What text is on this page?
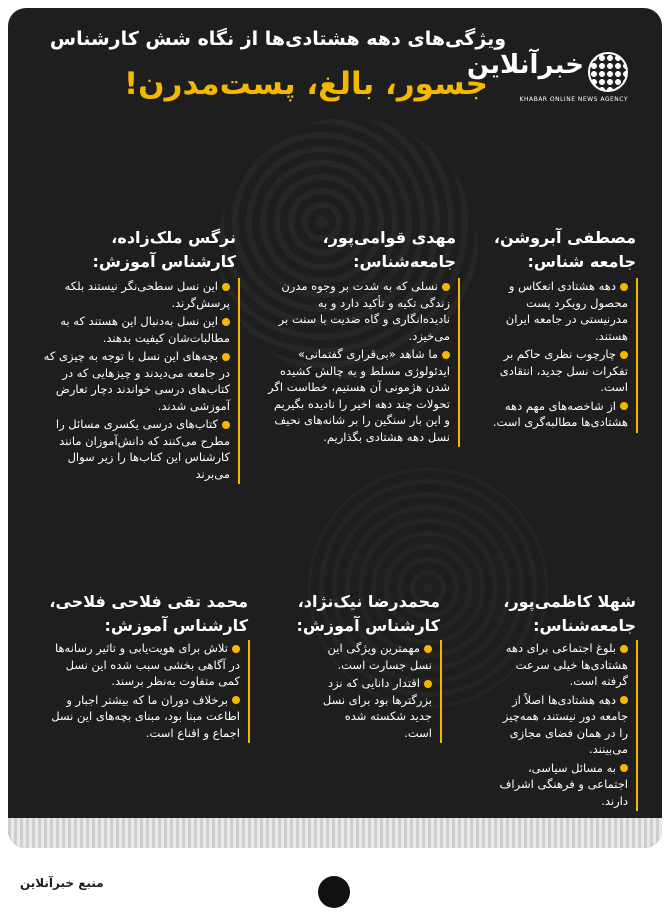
ویژگی‌های دهه هشتادی‌ها از نگاه شش کارشناس
جسور، بالغ، پست‌مدرن!
خبرآنلاین
KHABAR ONLINE NEWS AGENCY
مصطفی آبروشن،
جامعه شناس:
دهه هشتادی انعکاس و محصول رویکرد پست مدرنیستی در جامعه ایران هستند.
چارچوب نظری حاکم بر تفکرات نسل جدید، انتقادی است.
از شاخصه‌های مهم دهه هشتادی‌ها مطالبه‌گری است.
مهدی قوامی‌پور،
جامعه‌شناس:
نسلی که به شدت بر وجوه مدرن زندگی تکیه و تأکید دارد و به نادیده‌انگاری و گاه ضدیت با سنت بر می‌خیزد.
ما شاهد «بی‌قراری گفتمانی» ایدئولوژی مسلط و به چالش کشیده شدن هژمونی آن هستیم، خطاست اگر تحولات چند دهه اخیر را نادیده بگیریم و این بار سنگین را بر شانه‌های نحیف نسل دهه هشتادی بگذاریم.
نرگس ملک‌زاده،
کارشناس آموزش:
این نسل سطحی‌نگر نیستند بلکه پرسش‌گرند.
این نسل به‌دنبال این هستند که به مطالبات‌شان کیفیت بدهند.
بچه‌های این نسل با توجه به چیزی که در جامعه می‌دیدند و چیزهایی که در کتاب‌های درسی خواندند دچار تعارض آموزشی شدند.
کتاب‌های درسی یکسری مسائل را مطرح می‌کنند که دانش‌آموزان مانند کارشناس این کتاب‌ها را زیر سوال می‌برند
شهلا کاظمی‌پور،
جامعه‌شناس:
بلوغ اجتماعی برای دهه هشتادی‌ها خیلی سرعت گرفته است.
دهه هشتادی‌ها اصلاً از جامعه دور نیستند، همه‌چیز را در همان فضای مجازی می‌بینند.
به مسائل سیاسی، اجتماعی و فرهنگی اشراف دارند.
محمدرضا نیک‌نژاد،
کارشناس آموزش:
مهمترین ویژگی این نسل جسارت است.
اقتدار دانایی که نزد بزرگترها بود برای نسل جدید شکسته شده است.
محمد تقی فلاحی فلاحی،
کارشناس آموزش:
تلاش برای هویت‌یابی و تاثیر رسانه‌ها در آگاهی بخشی سبب شده این نسل کمی متفاوت به‌نظر برسند.
برخلاف دوران ما که بیشتر اجبار و اطاعت مبنا بود، مبنای بچه‌های این نسل اجماع و اقناع است.
منبع خبرآنلاین
